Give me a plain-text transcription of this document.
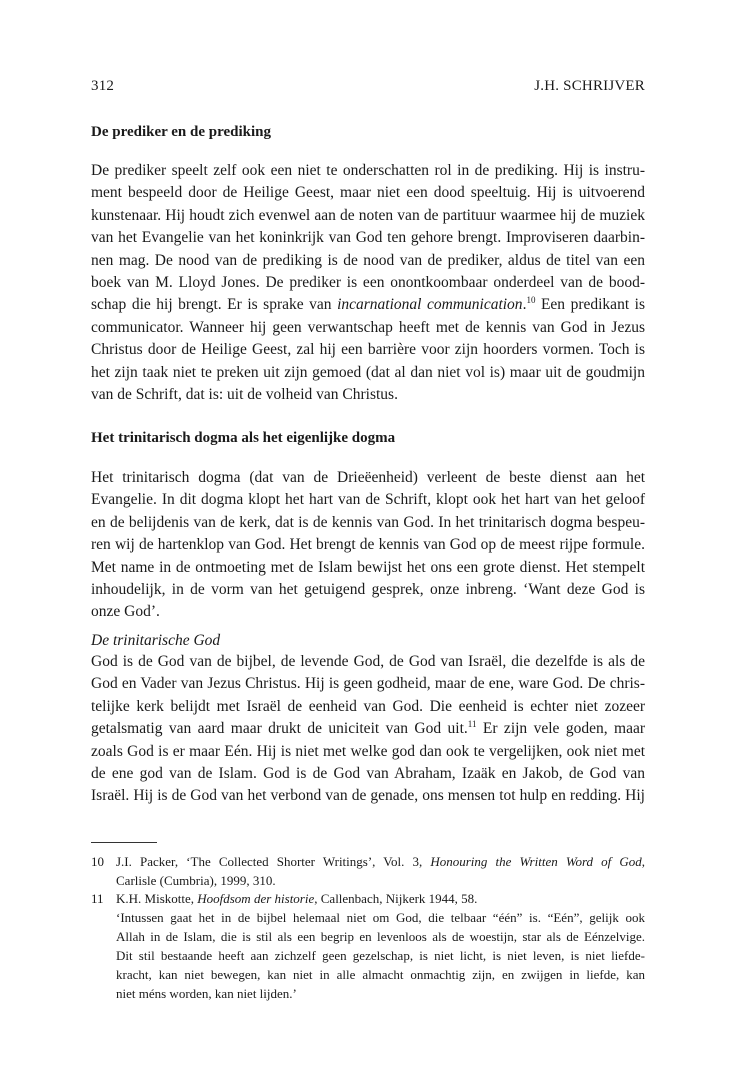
312	J.H. SCHRIJVER
De prediker en de prediking
De prediker speelt zelf ook een niet te onderschatten rol in de prediking. Hij is instru-
ment bespeeld door de Heilige Geest, maar niet een dood speeltuig. Hij is uitvoerend
kunstenaar. Hij houdt zich evenwel aan de noten van de partituur waarmee hij de muziek
van het Evangelie van het koninkrijk van God ten gehore brengt. Improviseren daarbin-
nen mag. De nood van de prediking is de nood van de prediker, aldus de titel van een
boek van M. Lloyd Jones. De prediker is een onontkoombaar onderdeel van de bood-
schap die hij brengt. Er is sprake van incarnational communication.$^{10}$ Een predikant is
communicator. Wanneer hij geen verwantschap heeft met de kennis van God in Jezus
Christus door de Heilige Geest, zal hij een barrière voor zijn hoorders vormen. Toch is
het zijn taak niet te preken uit zijn gemoed (dat al dan niet vol is) maar uit de goudmijn
van de Schrift, dat is: uit de volheid van Christus.
Het trinitarisch dogma als het eigenlijke dogma
Het trinitarisch dogma (dat van de Drieëenheid) verleent de beste dienst aan het
Evangelie. In dit dogma klopt het hart van de Schrift, klopt ook het hart van het geloof
en de belijdenis van de kerk, dat is de kennis van God. In het trinitarisch dogma bespeu-
ren wij de hartenklop van God. Het brengt de kennis van God op de meest rijpe formule.
Met name in de ontmoeting met de Islam bewijst het ons een grote dienst. Het stempelt
inhoudelijk, in de vorm van het getuigend gesprek, onze inbreng. ‘Want deze God is
onze God’.
De trinitarische God
God is de God van de bijbel, de levende God, de God van Israël, die dezelfde is als de
God en Vader van Jezus Christus. Hij is geen godheid, maar de ene, ware God. De chris-
telijke kerk belijdt met Israël de eenheid van God. Die eenheid is echter niet zozeer
getalsmatig van aard maar drukt de uniciteit van God uit.$^{11}$ Er zijn vele goden, maar
zoals God is er maar Eén. Hij is niet met welke god dan ook te vergelijken, ook niet met
de ene god van de Islam. God is de God van Abraham, Izaäk en Jakob, de God van
Israël. Hij is de God van het verbond van de genade, ons mensen tot hulp en redding. Hij
10 J.I. Packer, ‘The Collected Shorter Writings’, Vol. 3, Honouring the Written Word of God,
Carlisle (Cumbria), 1999, 310.
11 K.H. Miskotte, Hoofdsom der historie, Callenbach, Nijkerk 1944, 58.
‘Intussen gaat het in de bijbel helemaal niet om God, die telbaar “één” is. “Eén”, gelijk ook
Allah in de Islam, die is stil als een begrip en levenloos als de woestijn, star als de Eénzelvige.
Dit stil bestaande heeft aan zichzelf geen gezelschap, is niet licht, is niet leven, is niet liefde-
kracht, kan niet bewegen, kan niet in alle almacht onmachtig zijn, en zwijgen in liefde, kan
niet méns worden, kan niet lijden.’
